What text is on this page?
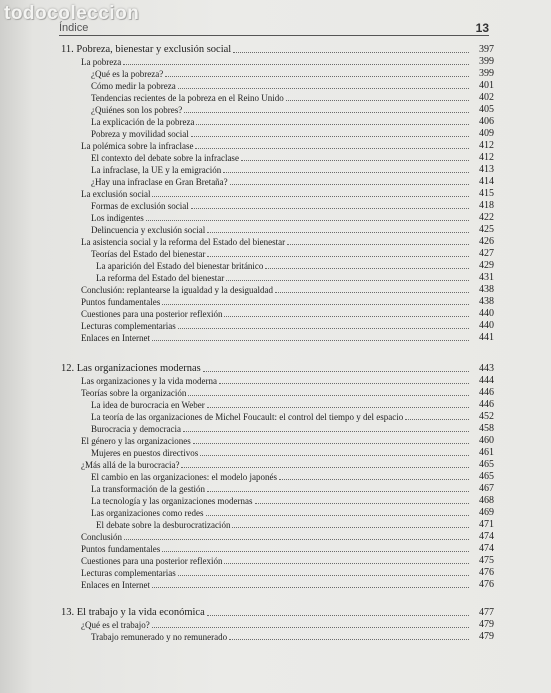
todocoleccion
Índice	13
11. Pobreza, bienestar y exclusión social	397
La pobreza	399
¿Qué es la pobreza?	399
Cómo medir la pobreza	401
Tendencias recientes de la pobreza en el Reino Unido	402
¿Quiénes son los pobres?	405
La explicación de la pobreza	406
Pobreza y movilidad social	409
La polémica sobre la infraclase	412
El contexto del debate sobre la infraclase	412
La infraclase, la UE y la emigración	413
¿Hay una infraclase en Gran Bretaña?	414
La exclusión social	415
Formas de exclusión social	418
Los indigentes	422
Delincuencia y exclusión social	425
La asistencia social y la reforma del Estado del bienestar	426
Teorías del Estado del bienestar	427
La aparición del Estado del bienestar británico	429
La reforma del Estado del bienestar	431
Conclusión: replantearse la igualdad y la desigualdad	438
Puntos fundamentales	438
Cuestiones para una posterior reflexión	440
Lecturas complementarias	440
Enlaces en Internet	441
12. Las organizaciones modernas	443
Las organizaciones y la vida moderna	444
Teorías sobre la organización	446
La idea de burocracia en Weber	446
La teoría de las organizaciones de Michel Foucault: el control del tiempo y del espacio	452
Burocracia y democracia	458
El género y las organizaciones	460
Mujeres en puestos directivos	461
¿Más allá de la burocracia?	465
El cambio en las organizaciones: el modelo japonés	465
La transformación de la gestión	467
La tecnología y las organizaciones modernas	468
Las organizaciones como redes	469
El debate sobre la desburocratización	471
Conclusión	474
Puntos fundamentales	474
Cuestiones para una posterior reflexión	475
Lecturas complementarias	476
Enlaces en Internet	476
13. El trabajo y la vida económica	477
¿Qué es el trabajo?	479
Trabajo remunerado y no remunerado	479
